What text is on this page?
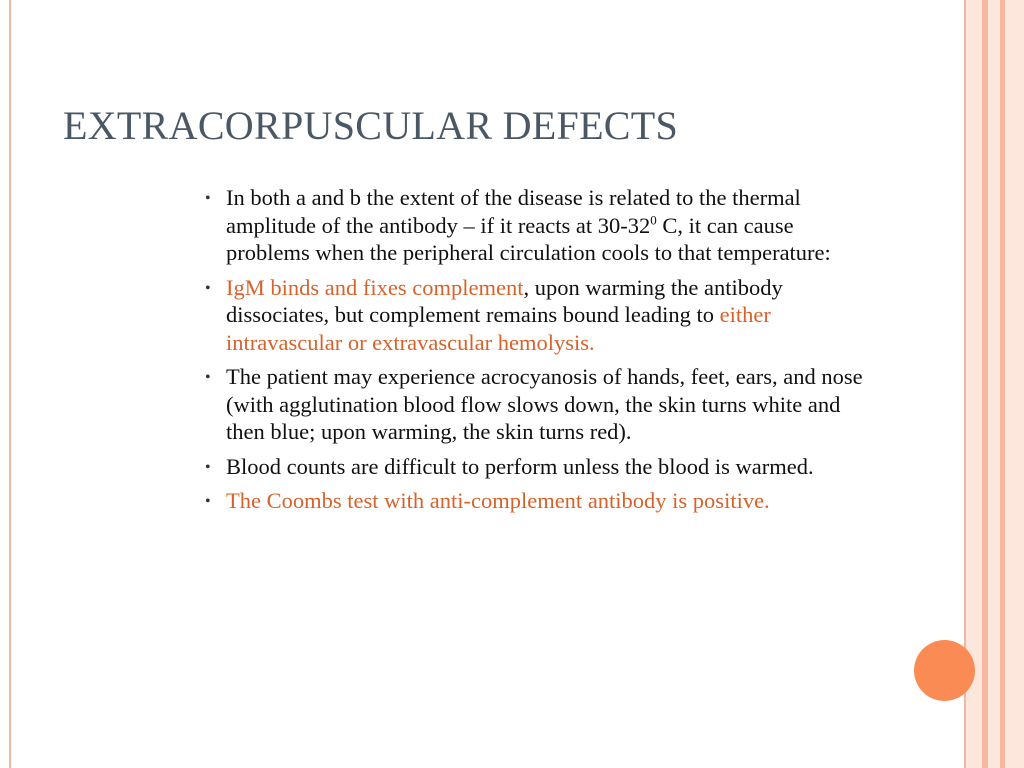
EXTRACORPUSCULAR DEFECTS
• In both a and b the extent of the disease is related to the thermal amplitude of the antibody – if it reacts at $30-32^0$ C, it can cause problems when the peripheral circulation cools to that temperature:
• IgM binds and fixes complement, upon warming the antibody dissociates, but complement remains bound leading to either intravascular or extravascular hemolysis.
• The patient may experience acrocyanosis of hands, feet, ears, and nose (with agglutination blood flow slows down, the skin turns white and then blue; upon warming, the skin turns red).
• Blood counts are difficult to perform unless the blood is warmed.
• The Coombs test with anti-complement antibody is positive.
